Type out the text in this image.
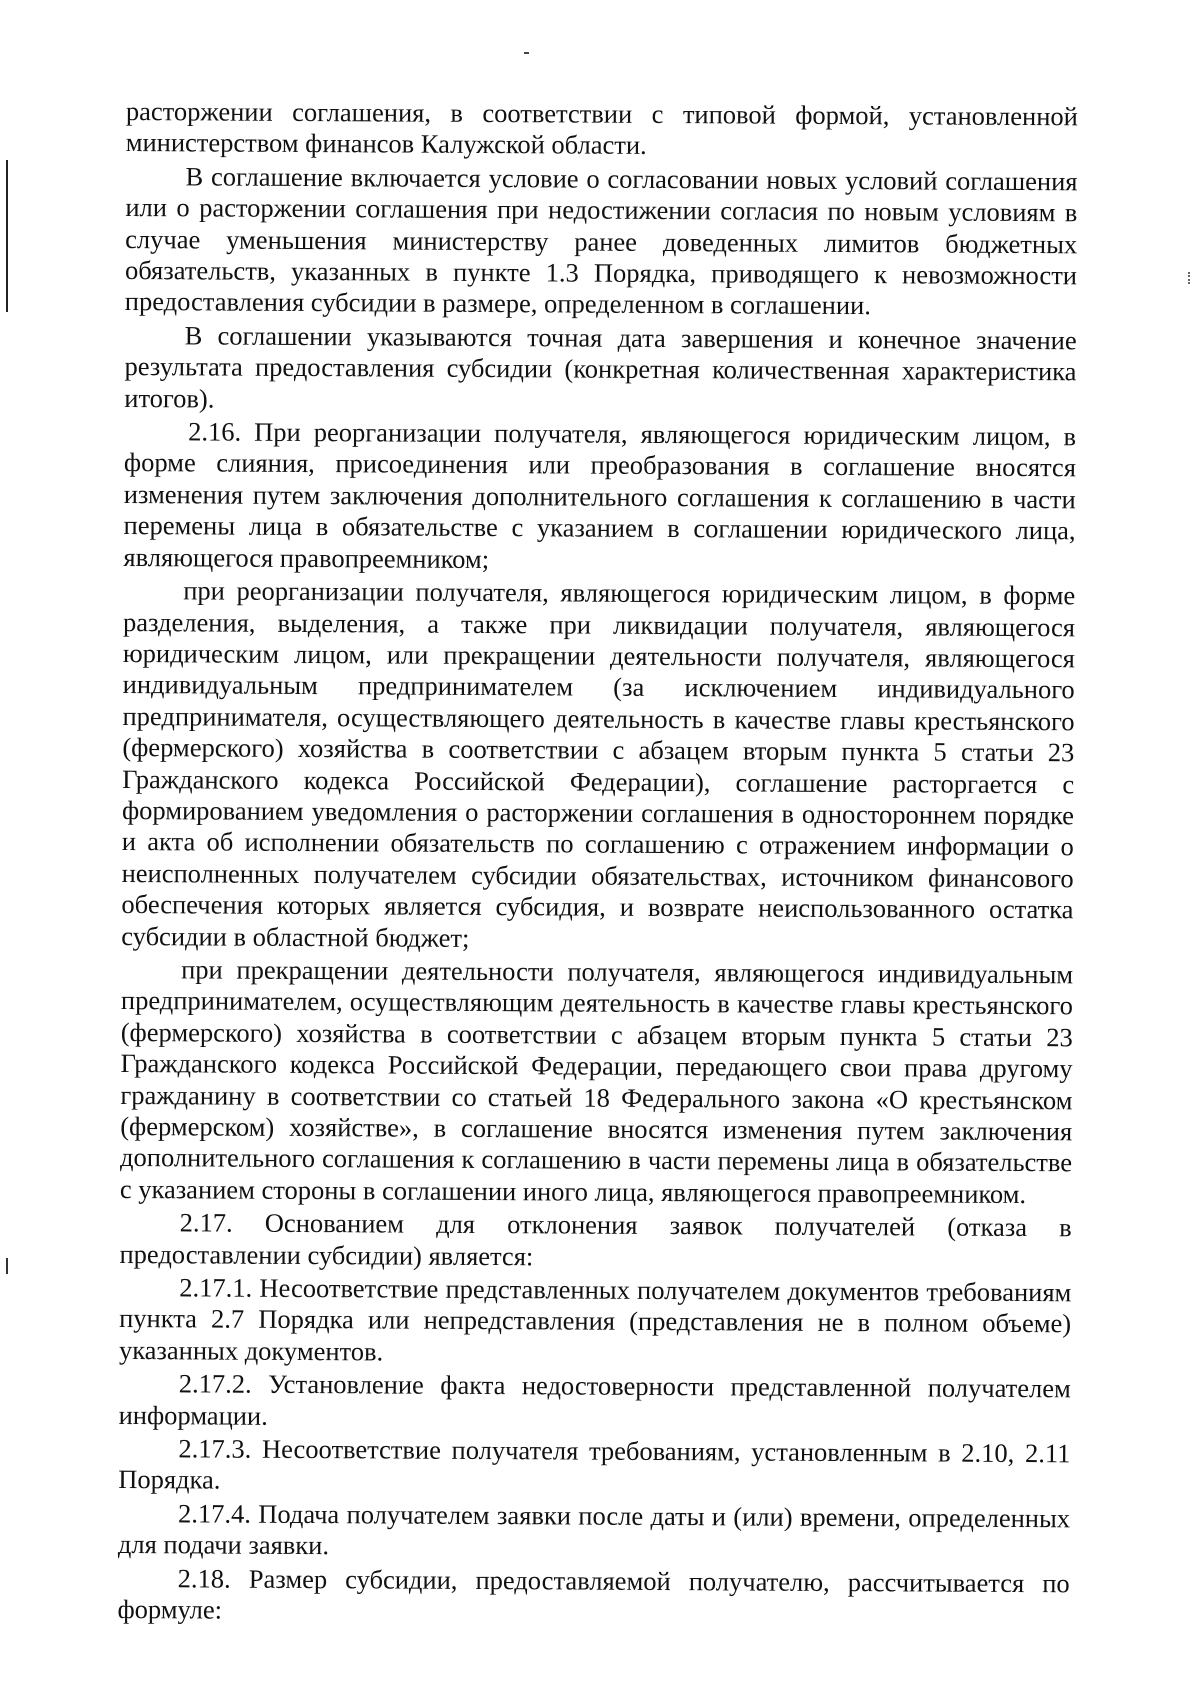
расторжении соглашения, в соответствии с типовой формой, установленной министерством финансов Калужской области.

В соглашение включается условие о согласовании новых условий соглашения или о расторжении соглашения при недостижении согласия по новым условиям в случае уменьшения министерству ранее доведенных лимитов бюджетных обязательств, указанных в пункте 1.3 Порядка, приводящего к невозможности предоставления субсидии в размере, определенном в соглашении.

В соглашении указываются точная дата завершения и конечное значение результата предоставления субсидии (конкретная количественная характеристика итогов).

2.16. При реорганизации получателя, являющегося юридическим лицом, в форме слияния, присоединения или преобразования в соглашение вносятся изменения путем заключения дополнительного соглашения к соглашению в части перемены лица в обязательстве с указанием в соглашении юридического лица, являющегося правопреемником;

при реорганизации получателя, являющегося юридическим лицом, в форме разделения, выделения, а также при ликвидации получателя, являющегося юридическим лицом, или прекращении деятельности получателя, являющегося индивидуальным предпринимателем (за исключением индивидуального предпринимателя, осуществляющего деятельность в качестве главы крестьянского (фермерского) хозяйства в соответствии с абзацем вторым пункта 5 статьи 23 Гражданского кодекса Российской Федерации), соглашение расторгается с формированием уведомления о расторжении соглашения в одностороннем порядке и акта об исполнении обязательств по соглашению с отражением информации о неисполненных получателем субсидии обязательствах, источником финансового обеспечения которых является субсидия, и возврате неиспользованного остатка субсидии в областной бюджет;

при прекращении деятельности получателя, являющегося индивидуальным предпринимателем, осуществляющим деятельность в качестве главы крестьянского (фермерского) хозяйства в соответствии с абзацем вторым пункта 5 статьи 23 Гражданского кодекса Российской Федерации, передающего свои права другому гражданину в соответствии со статьей 18 Федерального закона «О крестьянском (фермерском) хозяйстве», в соглашение вносятся изменения путем заключения дополнительного соглашения к соглашению в части перемены лица в обязательстве с указанием стороны в соглашении иного лица, являющегося правопреемником.

2.17. Основанием для отклонения заявок получателей (отказа в предоставлении субсидии) является:

2.17.1. Несоответствие представленных получателем документов требованиям пункта 2.7 Порядка или непредставления (представления не в полном объеме) указанных документов.

2.17.2. Установление факта недостоверности представленной получателем информации.

2.17.3. Несоответствие получателя требованиям, установленным в 2.10, 2.11 Порядка.

2.17.4. Подача получателем заявки после даты и (или) времени, определенных для подачи заявки.

2.18. Размер субсидии, предоставляемой получателю, рассчитывается по формуле:
